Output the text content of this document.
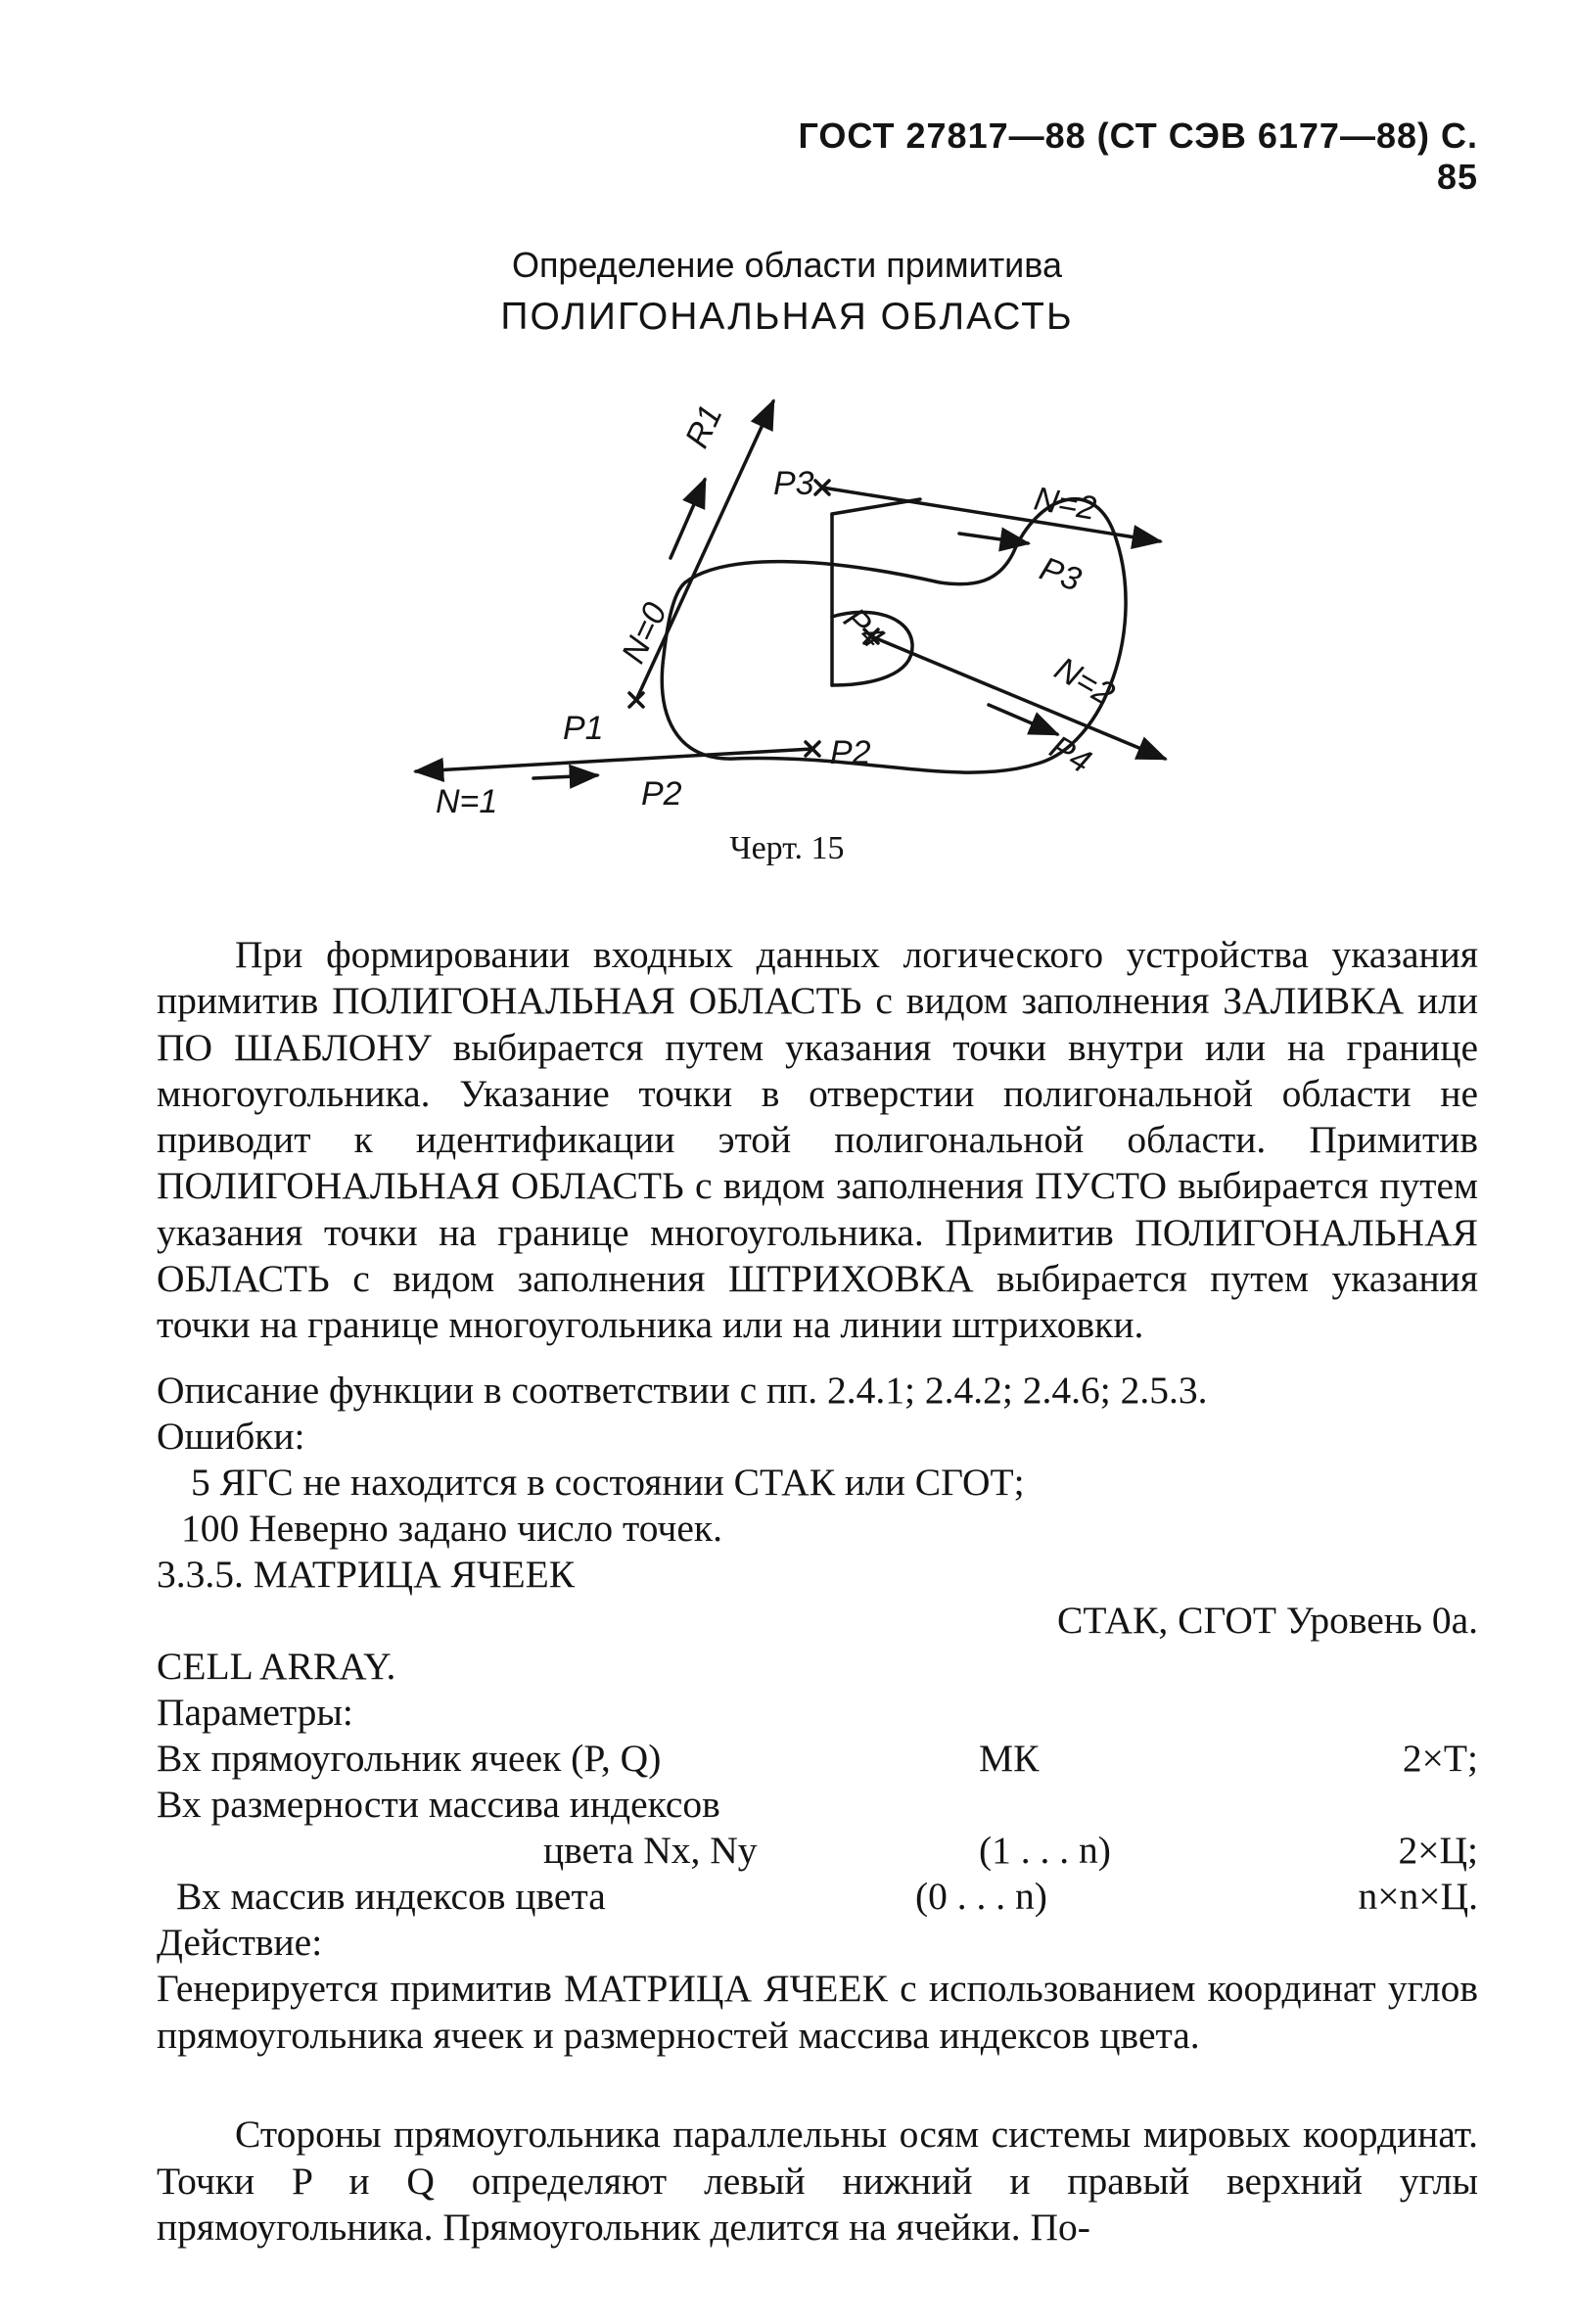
ГОСТ 27817—88 (СТ СЭВ 6177—88) С. 85
Определение области примитива
ПОЛИГОНАЛЬНАЯ ОБЛАСТЬ
R1
N=0
P3	N=2
P3
P4
N=2
P4
P1
P2
N=1	P2
Черт. 15
При формировании входных данных логического устройства указания примитив ПОЛИГОНАЛЬНАЯ ОБЛАСТЬ с видом заполнения ЗАЛИВКА или ПО ШАБЛОНУ выбирается путем указания точки внутри или на границе многоугольника. Указание точки в отверстии полигональной области не приводит к идентификации этой полигональной области. Примитив ПОЛИГОНАЛЬНАЯ ОБЛАСТЬ с видом заполнения ПУСТО выбирается путем указания точки на границе многоугольника. Примитив ПОЛИГОНАЛЬНАЯ ОБЛАСТЬ с видом заполнения ШТРИХОВКА выбирается путем указания точки на границе многоугольника или на линии штриховки.
Описание функции в соответствии с пп. 2.4.1; 2.4.2; 2.4.6; 2.5.3.
Ошибки:
5 ЯГС не находится в состоянии СТАК или СГОТ;
100 Неверно задано число точек.
3.3.5. МАТРИЦА ЯЧЕЕК
СТАК, СГОТ Уровень 0а.
CELL ARRAY.
Параметры:
Вх прямоугольник ячеек (P, Q)	МК	2×Т;
Вх размерности массива индексов
цвета Nx, Ny	(1 . . . n)	2×Ц;
Вх массив индексов цвета	(0 . . . n)	n×n×Ц.
Действие:
Генерируется примитив МАТРИЦА ЯЧЕЕК с использованием координат углов прямоугольника ячеек и размерностей массива индексов цвета.
Стороны прямоугольника параллельны осям системы мировых координат. Точки P и Q определяют левый нижний и правый верхний углы прямоугольника. Прямоугольник делится на ячейки. По-
